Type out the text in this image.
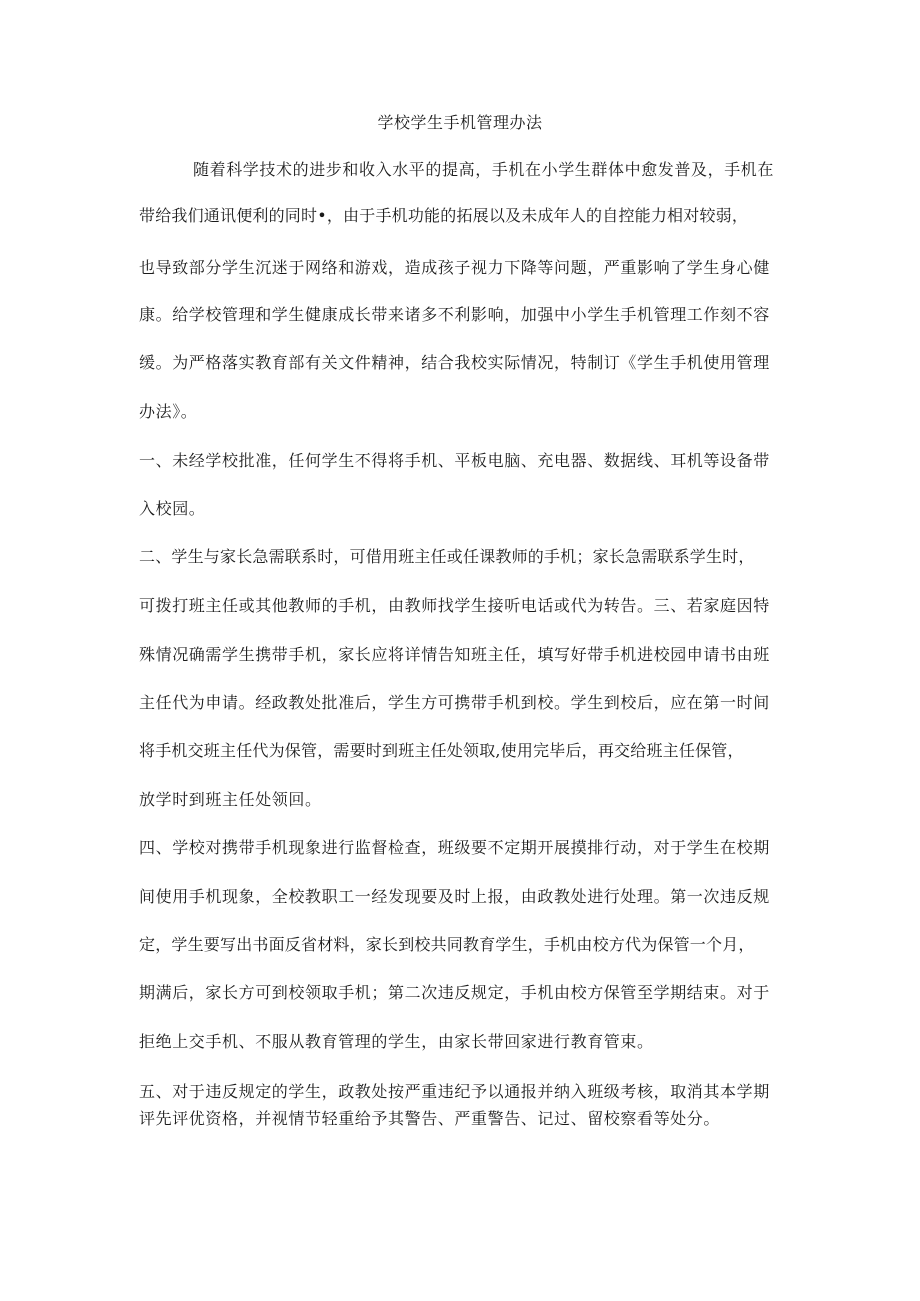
学校学生手机管理办法
随着科学技术的进步和收入水平的提高，手机在小学生群体中愈发普及，手机在
带给我们通讯便利的同时•，由于手机功能的拓展以及未成年人的自控能力相对较弱，
也导致部分学生沉迷于网络和游戏，造成孩子视力下降等问题，严重影响了学生身心健
康。给学校管理和学生健康成长带来诸多不利影响，加强中小学生手机管理工作刻不容
缓。为严格落实教育部有关文件精神，结合我校实际情况，特制订《学生手机使用管理
办法》。
一、未经学校批准，任何学生不得将手机、平板电脑、充电器、数据线、耳机等设备带
入校园。
二、学生与家长急需联系时，可借用班主任或任课教师的手机；家长急需联系学生时，
可拨打班主任或其他教师的手机，由教师找学生接听电话或代为转告。三、若家庭因特
殊情况确需学生携带手机，家长应将详情告知班主任，填写好带手机进校园申请书由班
主任代为申请。经政教处批准后，学生方可携带手机到校。学生到校后，应在第一时间
将手机交班主任代为保管，需要时到班主任处领取,使用完毕后，再交给班主任保管，
放学时到班主任处领回。
四、学校对携带手机现象进行监督检查，班级要不定期开展摸排行动，对于学生在校期
间使用手机现象，全校教职工一经发现要及时上报，由政教处进行处理。第一次违反规
定，学生要写出书面反省材料，家长到校共同教育学生，手机由校方代为保管一个月，
期满后，家长方可到校领取手机；第二次违反规定，手机由校方保管至学期结束。对于
拒绝上交手机、不服从教育管理的学生，由家长带回家进行教育管束。
五、对于违反规定的学生，政教处按严重违纪予以通报并纳入班级考核，取消其本学期
评先评优资格，并视情节轻重给予其警告、严重警告、记过、留校察看等处分。
